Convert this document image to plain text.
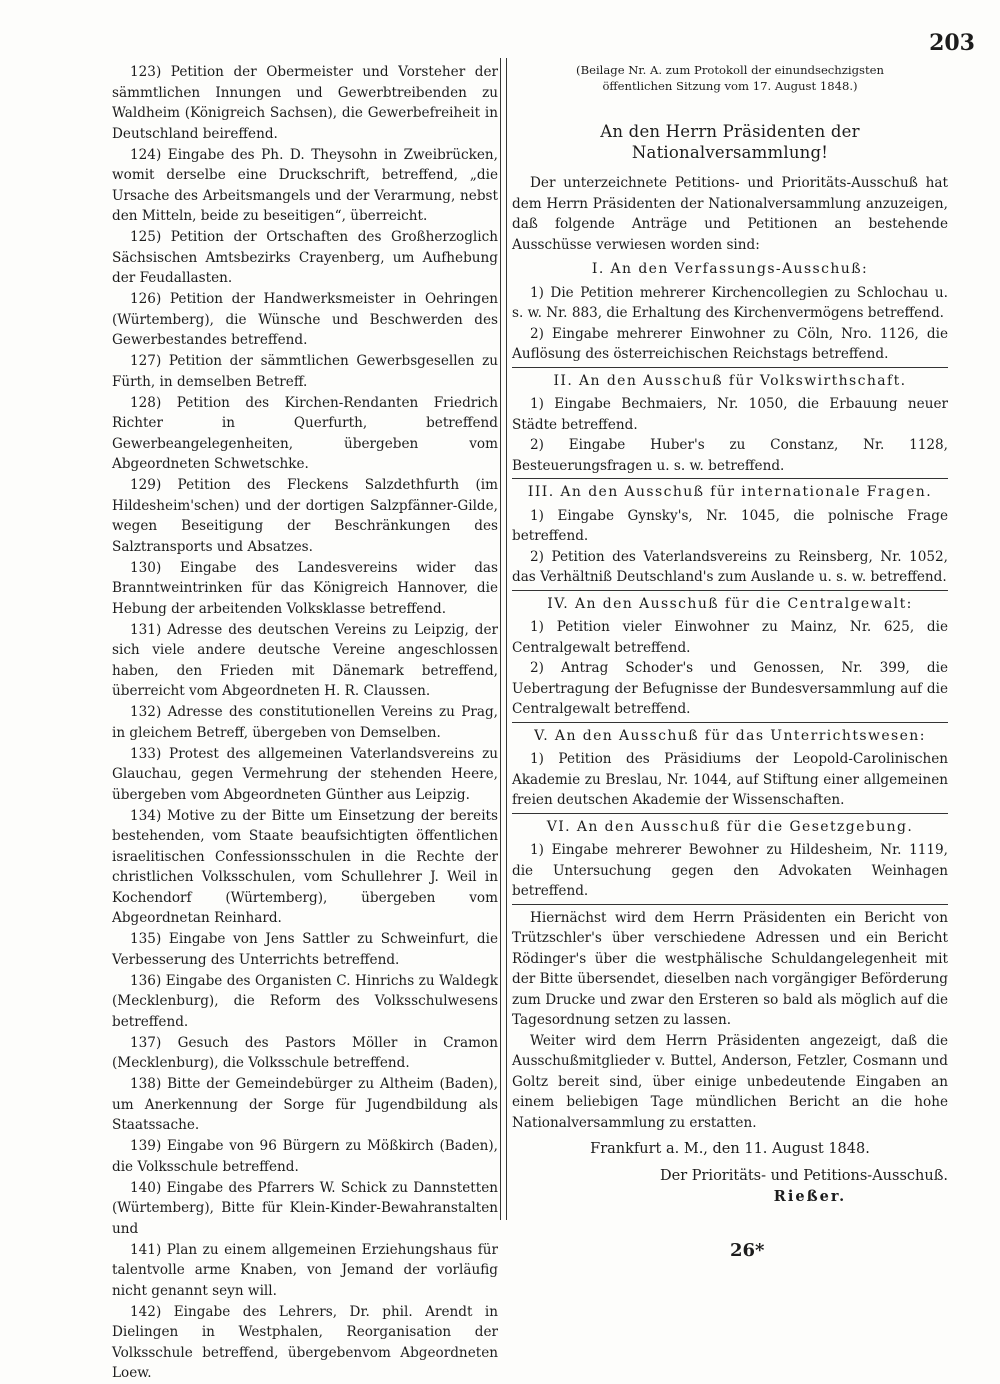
203

123) Petition der Obermeister und Vorsteher der sämmtlichen Innungen und Gewerbtreibenden zu Waldheim (Königreich Sachsen), die Gewerbefreiheit in Deutschland beireffend.

124) Eingabe des Ph. D. Theysohn in Zweibrücken, womit derselbe eine Druckschrift, betreffend, „die Ursache des Arbeitsmangels und der Verarmung, nebst den Mitteln, beide zu beseitigen“, überreicht.

125) Petition der Ortschaften des Großherzoglich Sächsischen Amtsbezirks Crayenberg, um Aufhebung der Feudallasten.

126) Petition der Handwerksmeister in Oehringen (Würtemberg), die Wünsche und Beschwerden des Gewerbestandes betreffend.

127) Petition der sämmtlichen Gewerbsgesellen zu Fürth, in demselben Betreff.

128) Petition des Kirchen-Rendanten Friedrich Richter in Querfurth, betreffend Gewerbeangelegenheiten, übergeben vom Abgeordneten Schwetschke.

129) Petition des Fleckens Salzdethfurth (im Hildesheim'schen) und der dortigen Salzpfänner-Gilde, wegen Beseitigung der Beschränkungen des Salztransports und Absatzes.

130) Eingabe des Landesvereins wider das Branntweintrinken für das Königreich Hannover, die Hebung der arbeitenden Volksklasse betreffend.

131) Adresse des deutschen Vereins zu Leipzig, der sich viele andere deutsche Vereine angeschlossen haben, den Frieden mit Dänemark betreffend, überreicht vom Abgeordneten H. R. Claussen.

132) Adresse des constitutionellen Vereins zu Prag, in gleichem Betreff, übergeben von Demselben.

133) Protest des allgemeinen Vaterlandsvereins zu Glauchau, gegen Vermehrung der stehenden Heere, übergeben vom Abgeordneten Günther aus Leipzig.

134) Motive zu der Bitte um Einsetzung der bereits bestehenden, vom Staate beaufsichtigten öffentlichen israelitischen Confessionsschulen in die Rechte der christlichen Volksschulen, vom Schullehrer J. Weil in Kochendorf (Würtemberg), übergeben vom Abgeordnetan Reinhard.

135) Eingabe von Jens Sattler zu Schweinfurt, die Verbesserung des Unterrichts betreffend.

136) Eingabe des Organisten C. Hinrichs zu Waldegk (Mecklenburg), die Reform des Volksschulwesens betreffend.

137) Gesuch des Pastors Möller in Cramon (Mecklenburg), die Volksschule betreffend.

138) Bitte der Gemeindebürger zu Altheim (Baden), um Anerkennung der Sorge für Jugendbildung als Staatssache.

139) Eingabe von 96 Bürgern zu Mößkirch (Baden), die Volksschule betreffend.

140) Eingabe des Pfarrers W. Schick zu Dannstetten (Würtemberg), Bitte für Klein-Kinder-Bewahranstalten und

141) Plan zu einem allgemeinen Erziehungshaus für talentvolle arme Knaben, von Jemand der vorläufig nicht genannt seyn will.

142) Eingabe des Lehrers, Dr. phil. Arendt in Dielingen in Westphalen, Reorganisation der Volksschule betreffend, übergebenvom Abgeordneten Loew.

(Beilage Nr. A. zum Protokoll der einundsechzigsten
öffentlichen Sitzung vom 17. August 1848.)
An den Herrn Präsidenten der Nationalversammlung!

Der unterzeichnete Petitions- und Prioritäts-Ausschuß hat dem Herrn Präsidenten der Nationalversammlung anzuzeigen, daß folgende Anträge und Petitionen an bestehende Ausschüsse verwiesen worden sind:

I. An den Verfassungs-Ausschuß:

1) Die Petition mehrerer Kirchencollegien zu Schlochau u. s. w. Nr. 883, die Erhaltung des Kirchenvermögens betreffend.

2) Eingabe mehrerer Einwohner zu Cöln, Nro. 1126, die Auflösung des österreichischen Reichstags betreffend.

II. An den Ausschuß für Volkswirthschaft.

1) Eingabe Bechmaiers, Nr. 1050, die Erbauung neuer Städte betreffend.

2) Eingabe Huber's zu Constanz, Nr. 1128, Besteuerungsfragen u. s. w. betreffend.

III. An den Ausschuß für internationale Fragen.

1) Eingabe Gynsky's, Nr. 1045, die polnische Frage betreffend.

2) Petition des Vaterlandsvereins zu Reinsberg, Nr. 1052, das Verhältniß Deutschland's zum Auslande u. s. w. betreffend.

IV. An den Ausschuß für die Centralgewalt:

1) Petition vieler Einwohner zu Mainz, Nr. 625, die Centralgewalt betreffend.

2) Antrag Schoder's und Genossen, Nr. 399, die Uebertragung der Befugnisse der Bundesversammlung auf die Centralgewalt betreffend.

V. An den Ausschuß für das Unterrichtswesen:

1) Petition des Präsidiums der Leopold-Carolinischen Akademie zu Breslau, Nr. 1044, auf Stiftung einer allgemeinen freien deutschen Akademie der Wissenschaften.

VI. An den Ausschuß für die Gesetzgebung.

1) Eingabe mehrerer Bewohner zu Hildesheim, Nr. 1119, die Untersuchung gegen den Advokaten Weinhagen betreffend.

Hiernächst wird dem Herrn Präsidenten ein Bericht von Trützschler's über verschiedene Adressen und ein Bericht Rödinger's über die westphälische Schuldangelegenheit mit der Bitte übersendet, dieselben nach vorgängiger Beförderung zum Drucke und zwar den Ersteren so bald als möglich auf die Tagesordnung setzen zu lassen.

Weiter wird dem Herrn Präsidenten angezeigt, daß die Ausschußmitglieder v. Buttel, Anderson, Fetzler, Cosmann und Goltz bereit sind, über einige unbedeutende Eingaben an einem beliebigen Tage mündlichen Bericht an die hohe Nationalversammlung zu erstatten.

Frankfurt a. M., den 11. August 1848.
Der Prioritäts- und Petitions-Ausschuß.
Rießer.
26*
